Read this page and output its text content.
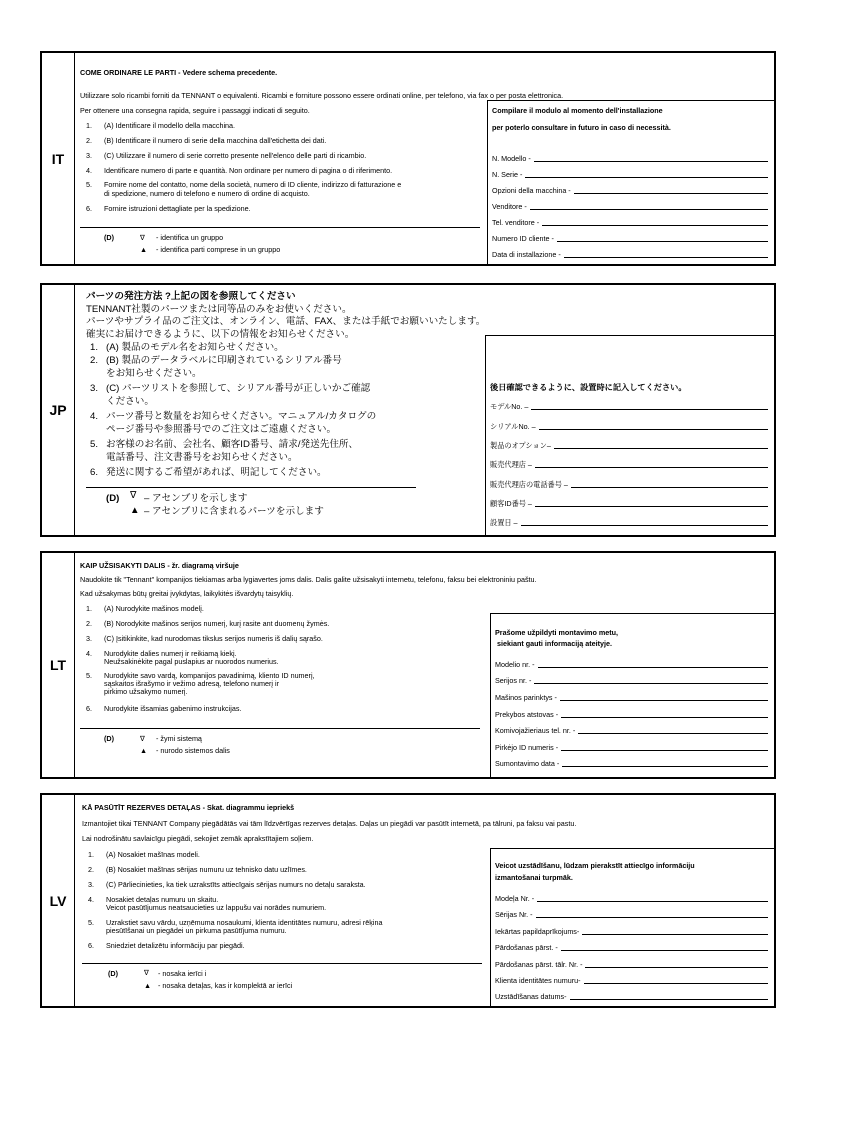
IT
COME ORDINARE LE PARTI - Vedere schema precedente.
Utilizzare solo ricambi forniti da TENNANT o equivalenti. Ricambi e forniture possono essere ordinati online, per telefono, via fax o per posta elettronica.
Per ottenere una consegna rapida, seguire i passaggi indicati di seguito.
1. (A) Identificare il modello della macchina.
2. (B) Identificare il numero di serie della macchina dall'etichetta dei dati.
3. (C) Utilizzare il numero di serie corretto presente nell'elenco delle parti di ricambio.
4. Identificare numero di parte e quantità. Non ordinare per numero di pagina o di riferimento.
5. Fornire nome del contatto, nome della società, numero di ID cliente, indirizzo di fatturazione e
di spedizione, numero di telefono e numero di ordine di acquisto.
6. Fornire istruzioni dettagliate per la spedizione.
(D)	∇ - identifica un gruppo
▲ - identifica parti comprese in un gruppo
Compilare il modulo al momento dell'installazione
per poterlo consultare in futuro in caso di necessità.
N. Modello -
N. Serie -
Opzioni della macchina -
Venditore -
Tel. venditore -
Numero ID cliente -
Data di installazione -
JP
パーツの発注方法 ?上記の図を参照してください
TENNANT社製のパーツまたは同等品のみをお使いください。
パーツやサプライ品のご注文は、オンライン、電話、FAX、または手紙でお願いいたします。
確実にお届けできるように、以下の情報をお知らせください。
1. (A) 製品のモデル名をお知らせください。
2. (B) 製品のデータラベルに印刷されているシリアル番号
をお知らせください。
3. (C) パーツリストを参照して、シリアル番号が正しいかご確認
ください。
4. パーツ番号と数量をお知らせください。マニュアル/カタログの
ページ番号や参照番号でのご注文はご遠慮ください。
5. お客様のお名前、会社名、顧客ID番号、請求/発送先住所、
電話番号、注文書番号をお知らせください。
6. 発送に関するご希望があれば、明記してください。
(D) ∇ – アセンブリを示します
▲ – アセンブリに含まれるパーツを示します
後日確認できるように、設置時に記入してください。
モデルNo. –
シリアルNo. –
製品のオプション–
販売代理店 –
販売代理店の電話番号 –
顧客ID番号 –
設置日 –
LT
KAIP UŽSISAKYTI DALIS - žr. diagramą viršuje
Naudokite tik "Tennant" kompanijos tiekiamas arba lygiavertes joms dalis. Dalis galite užsisakyti internetu, telefonu, faksu bei elektroniniu paštu.
Kad užsakymas būtų greitai įvykdytas, laikykitės išvardytų taisyklių.
1. (A) Nurodykite mašinos modelį.
2. (B) Norodykite mašinos serijos numerį, kurį rasite ant duomenų žymės.
3. (C) Įsitikinkite, kad nurodomas tikslus serijos numeris iš dalių sąrašo.
4. Nurodykite dalies numerį ir reikiamą kiekį.
Neužsakinėkite pagal puslapius ar nuorodos numerius.
5. Nurodykite savo vardą, kompanijos pavadinimą, kliento ID numerį,
sąskaitos išrašymo ir vežimo adresą, telefono numerį ir
pirkimo užsakymo numerį.
6. Nurodykite išsamias gabenimo instrukcijas.
(D)	∇ - žymi sistemą
▲ - nurodo sistemos dalis
Prašome užpildyti montavimo metu,
siekiant gauti informaciją ateityje.
Modelio nr. -
Serijos nr. -
Mašinos parinktys -
Prekybos atstovas -
Komivojažieriaus tel. nr. -
Pirkėjo ID numeris -
Sumontavimo data -
LV
KĀ PASŪTĪT REZERVES DETAĻAS - Skat. diagrammu iepriekš
Izmantojiet tikai TENNANT Company piegādātās vai tām līdzvērtīgas rezerves detaļas. Daļas un piegādi var pasūtīt internetā, pa tālruni, pa faksu vai pastu.
Lai nodrošinātu savlaicīgu piegādi, sekojiet zemāk aprakstītajiem soļiem.
1. (A) Nosakiet mašīnas modeli.
2. (B) Nosakiet mašīnas sērijas numuru uz tehnisko datu uzlīmes.
3. (C) Pārliecinieties, ka tiek uzrakstīts attiecīgais sērijas numurs no detaļu saraksta.
4. Nosakiet detaļas numuru un skaitu.
Veicot pasūtījumus neatsaucieties uz lappušu vai norādes numuriem.
5. Uzrakstiet savu vārdu, uzņēmuma nosaukumi, klienta identitātes numuru, adresi rēķina
piesūtīšanai un piegādei un pirkuma pasūtījuma numuru.
6. Sniedziet detalizētu informāciju par piegādi.
(D)	∇ - nosaka ierīci i
▲ - nosaka detaļas, kas ir komplektā ar ierīci
Veicot uzstādīšanu, lūdzam pierakstīt attiecīgo informāciju
izmantošanai turpmāk.
Modeļa Nr. -
Sērijas Nr. -
Iekārtas papildaprīkojums-
Pārdošanas pārst. -
Pārdošanas pārst. tālr. Nr. -
Klienta identitātes numuru-
Uzstādīšanas datums-
